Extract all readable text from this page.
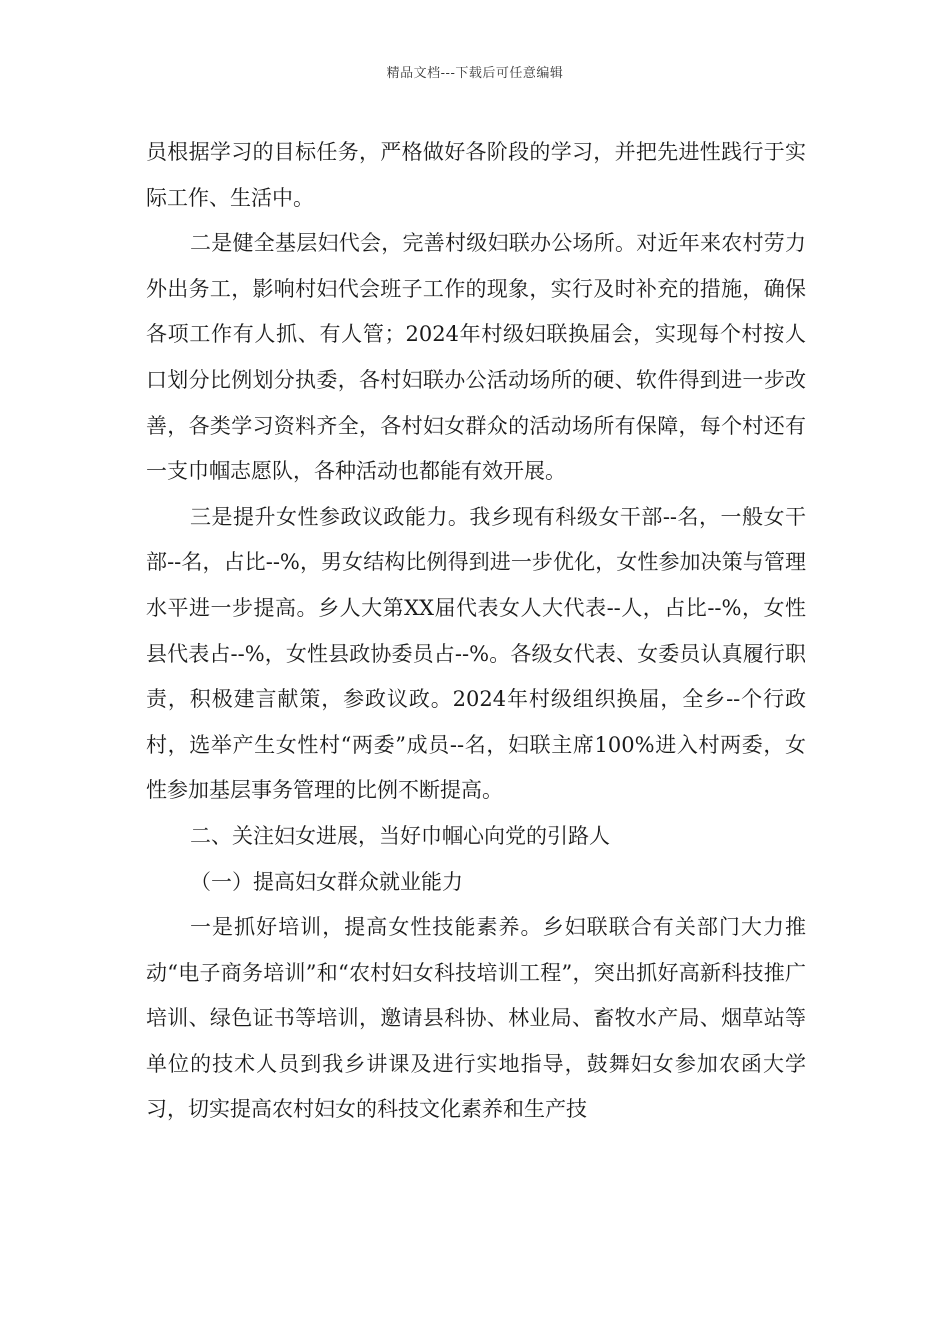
精品文档---下载后可任意编辑

员根据学习的目标任务，严格做好各阶段的学习，并把先进性践行于实际工作、生活中。

二是健全基层妇代会，完善村级妇联办公场所。对近年来农村劳力外出务工，影响村妇代会班子工作的现象，实行及时补充的措施，确保各项工作有人抓、有人管；2024年村级妇联换届会，实现每个村按人口划分比例划分执委，各村妇联办公活动场所的硬、软件得到进一步改善，各类学习资料齐全，各村妇女群众的活动场所有保障，每个村还有一支巾帼志愿队，各种活动也都能有效开展。

三是提升女性参政议政能力。我乡现有科级女干部--名，一般女干部--名，占比--%，男女结构比例得到进一步优化，女性参加决策与管理水平进一步提高。乡人大第XX届代表女人大代表--人，占比--%，女性县代表占--%，女性县政协委员占--%。各级女代表、女委员认真履行职责，积极建言献策，参政议政。2024年村级组织换届，全乡--个行政村，选举产生女性村“两委”成员--名，妇联主席100%进入村两委，女性参加基层事务管理的比例不断提高。

二、关注妇女进展，当好巾帼心向党的引路人

（一）提高妇女群众就业能力

一是抓好培训，提高女性技能素养。乡妇联联合有关部门大力推动“电子商务培训”和“农村妇女科技培训工程”，突出抓好高新科技推广培训、绿色证书等培训，邀请县科协、林业局、畜牧水产局、烟草站等单位的技术人员到我乡讲课及进行实地指导，鼓舞妇女参加农函大学习，切实提高农村妇女的科技文化素养和生产技
